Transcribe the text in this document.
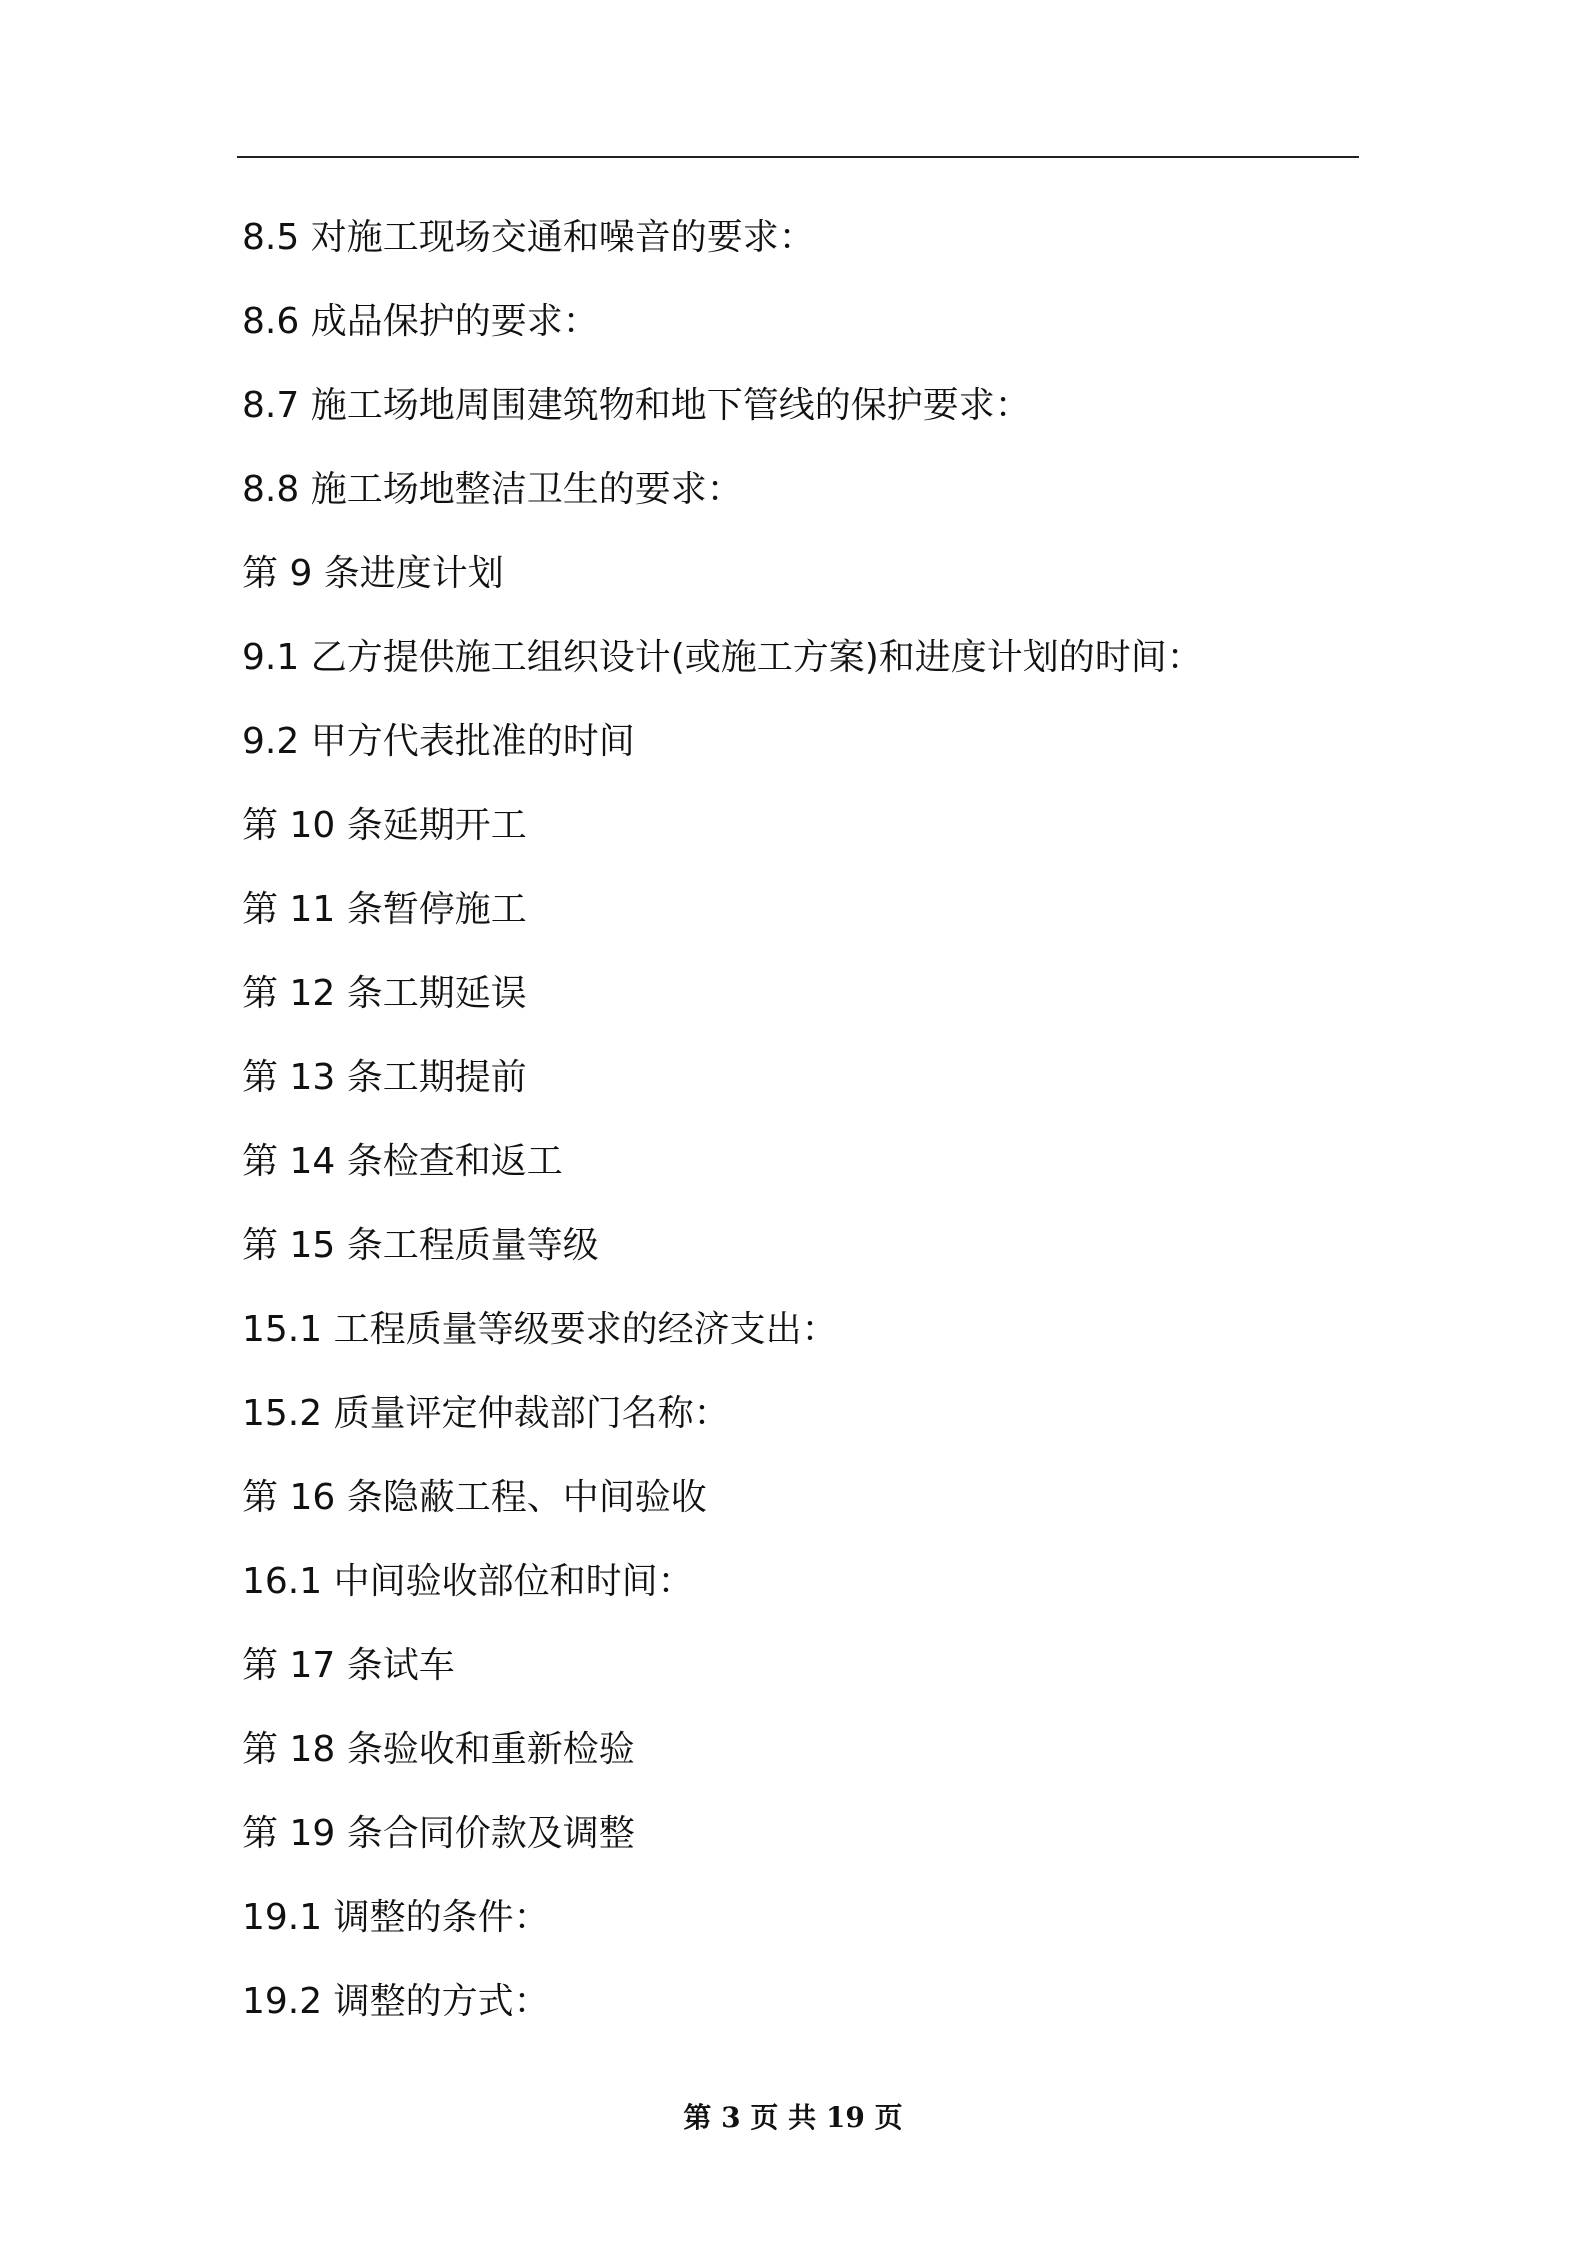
8.5 对施工现场交通和噪音的要求：
8.6 成品保护的要求：
8.7 施工场地周围建筑物和地下管线的保护要求：
8.8 施工场地整洁卫生的要求：
第 9 条进度计划
9.1 乙方提供施工组织设计(或施工方案)和进度计划的时间：
9.2 甲方代表批准的时间
第 10 条延期开工
第 11 条暂停施工
第 12 条工期延误
第 13 条工期提前
第 14 条检查和返工
第 15 条工程质量等级
15.1 工程质量等级要求的经济支出：
15.2 质量评定仲裁部门名称：
第 16 条隐蔽工程、中间验收
16.1 中间验收部位和时间：
第 17 条试车
第 18 条验收和重新检验
第 19 条合同价款及调整
19.1 调整的条件：
19.2 调整的方式：
第 3 页 共 19 页
